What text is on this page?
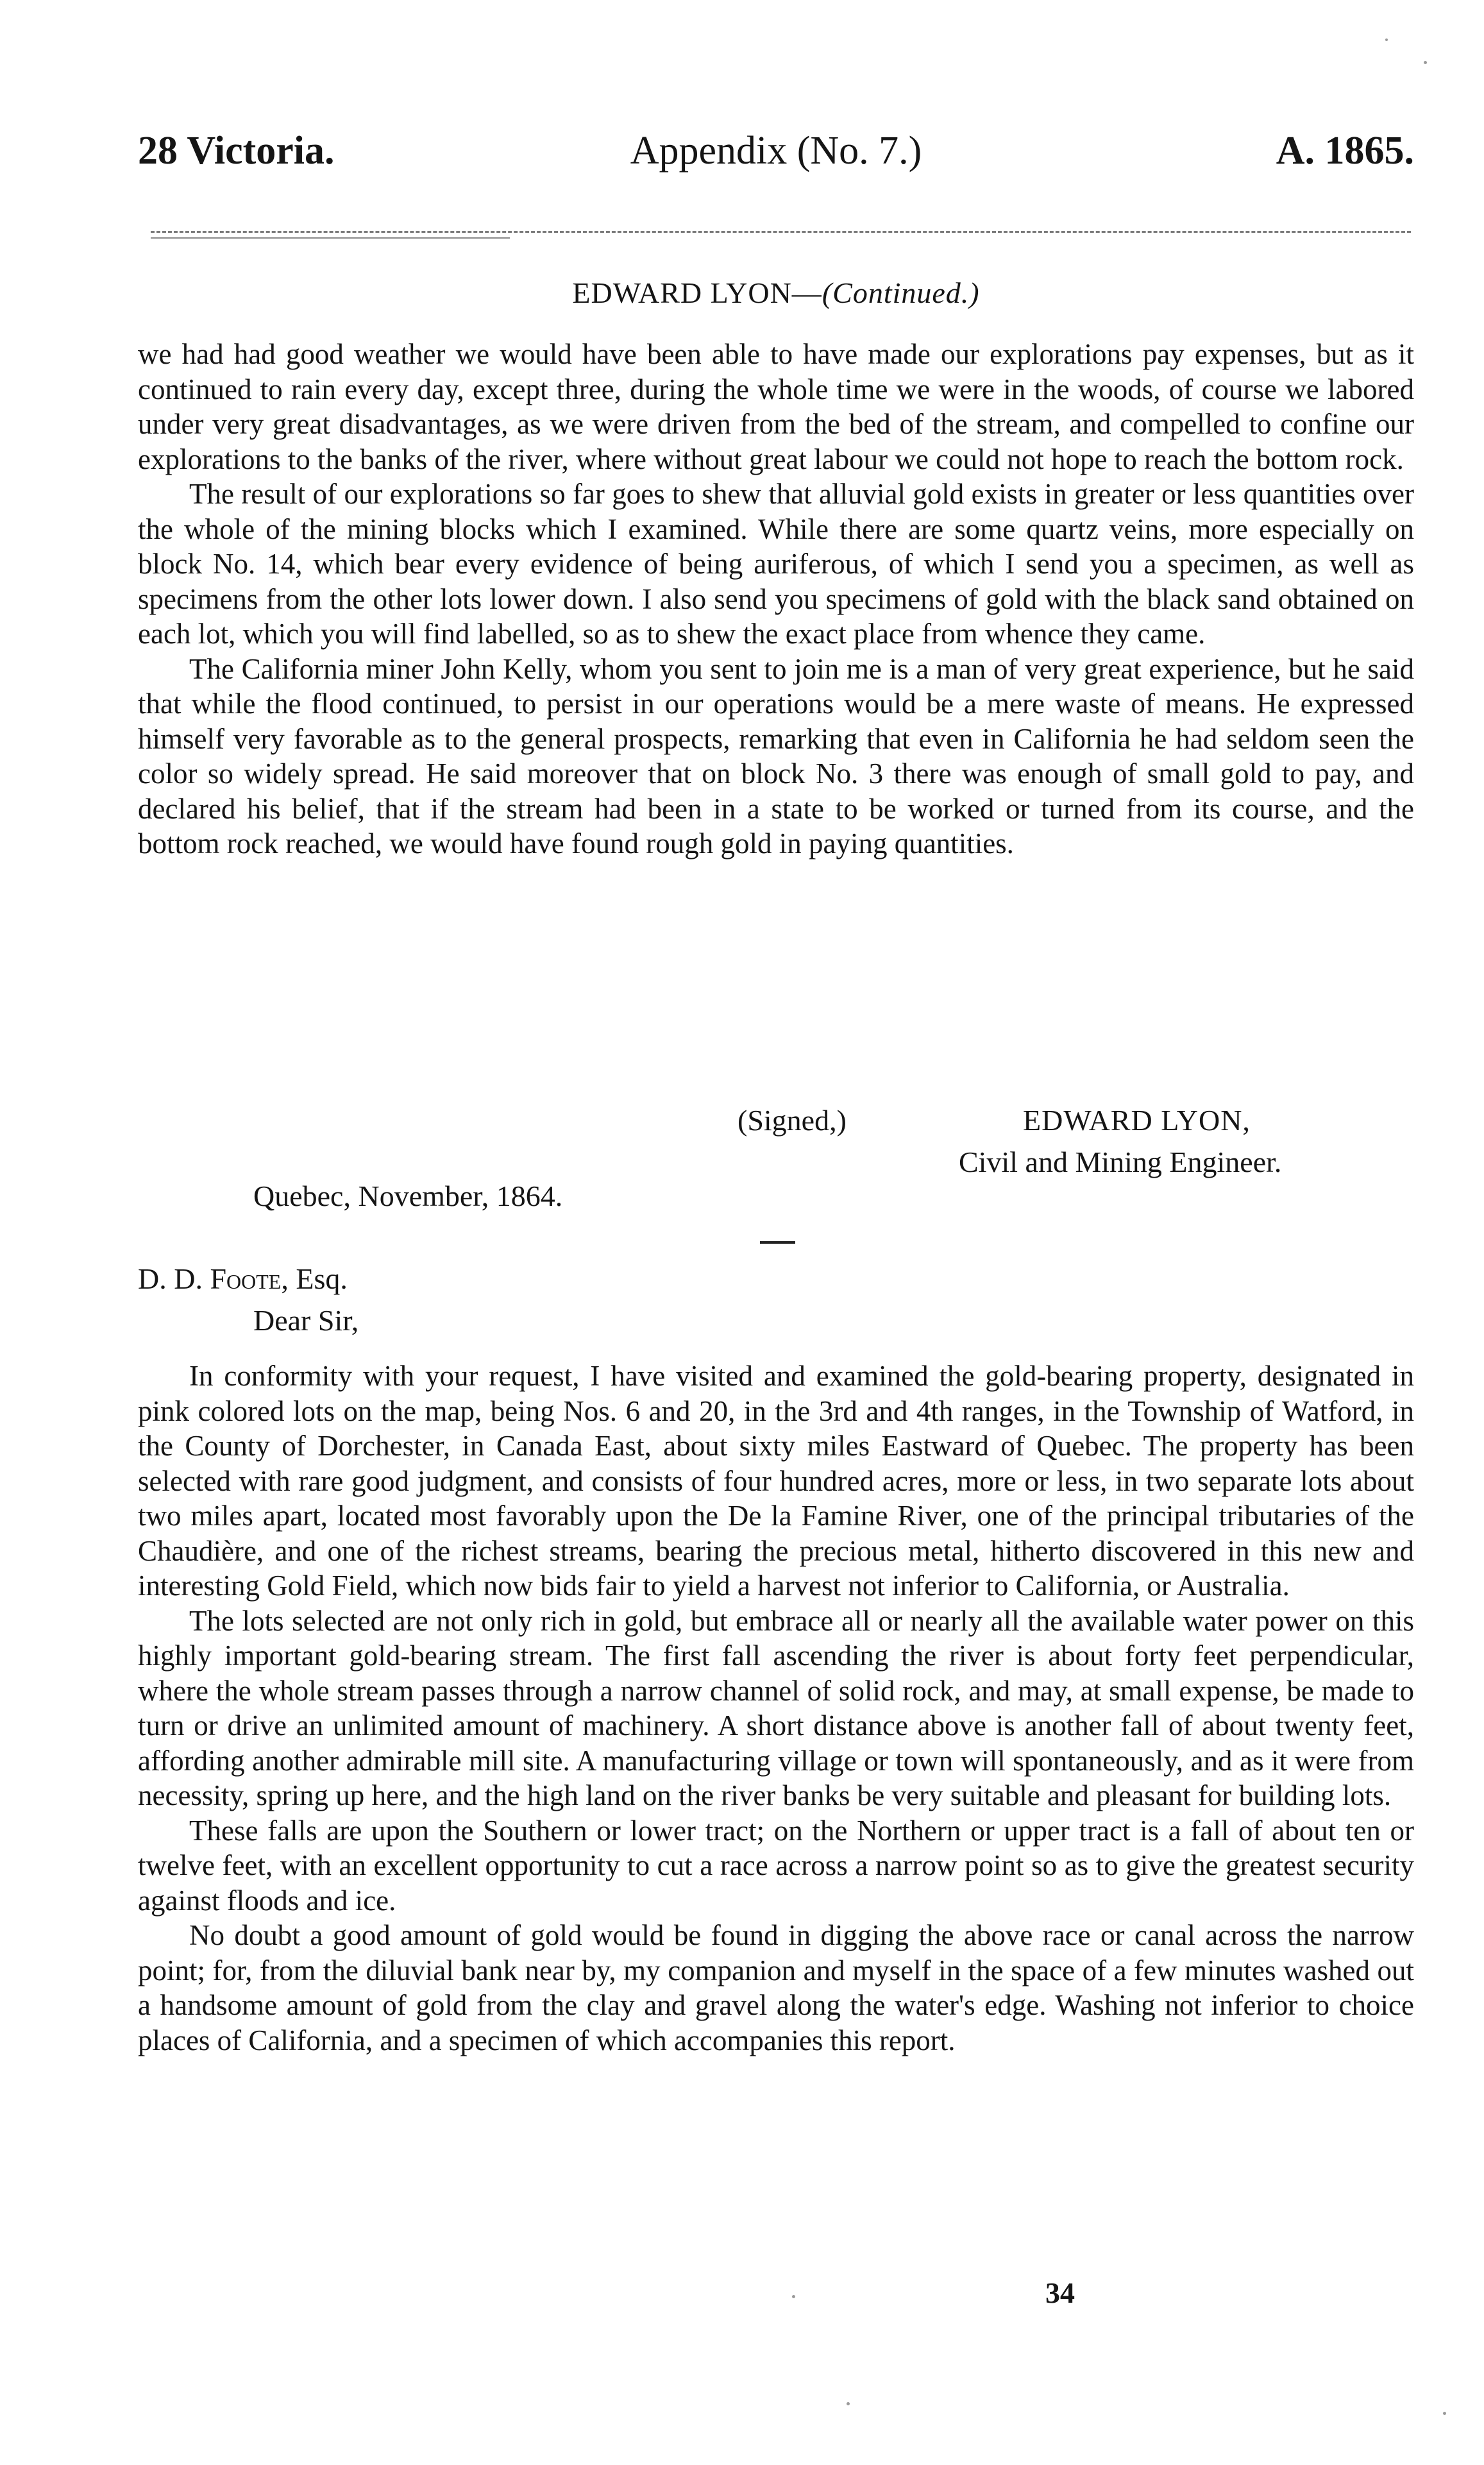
28 Victoria.	Appendix (No. 7.)	A. 1865.
EDWARD LYON—(Continued.)

we had had good weather we would have been able to have made our explorations pay expenses, but as it continued to rain every day, except three, during the whole time we were in the woods, of course we labored under very great disadvantages, as we were driven from the bed of the stream, and compelled to confine our explorations to the banks of the river, where without great labour we could not hope to reach the bottom rock.

The result of our explorations so far goes to shew that alluvial gold exists in greater or less quantities over the whole of the mining blocks which I examined. While there are some quartz veins, more especially on block No. 14, which bear every evidence of being auriferous, of which I send you a specimen, as well as specimens from the other lots lower down. I also send you specimens of gold with the black sand obtained on each lot, which you will find labelled, so as to shew the exact place from whence they came.

The California miner John Kelly, whom you sent to join me is a man of very great experience, but he said that while the flood continued, to persist in our operations would be a mere waste of means. He expressed himself very favorable as to the general prospects, remarking that even in California he had seldom seen the color so widely spread. He said moreover that on block No. 3 there was enough of small gold to pay, and declared his belief, that if the stream had been in a state to be worked or turned from its course, and the bottom rock reached, we would have found rough gold in paying quantities.

(Signed,)	EDWARD LYON,
Civil and Mining Engineer.
Quebec, November, 1864.
D. D. Foote, Esq.
Dear Sir,

In conformity with your request, I have visited and examined the gold-bearing property, designated in pink colored lots on the map, being Nos. 6 and 20, in the 3rd and 4th ranges, in the Township of Watford, in the County of Dorchester, in Canada East, about sixty miles Eastward of Quebec. The property has been selected with rare good judgment, and consists of four hundred acres, more or less, in two separate lots about two miles apart, located most favorably upon the De la Famine River, one of the principal tributaries of the Chaudière, and one of the richest streams, bearing the precious metal, hitherto discovered in this new and interesting Gold Field, which now bids fair to yield a harvest not inferior to California, or Australia.

The lots selected are not only rich in gold, but embrace all or nearly all the available water power on this highly important gold-bearing stream. The first fall ascending the river is about forty feet perpendicular, where the whole stream passes through a narrow channel of solid rock, and may, at small expense, be made to turn or drive an unlimited amount of machinery. A short distance above is another fall of about twenty feet, affording another admirable mill site. A manufacturing village or town will spontaneously, and as it were from necessity, spring up here, and the high land on the river banks be very suitable and pleasant for building lots.

These falls are upon the Southern or lower tract; on the Northern or upper tract is a fall of about ten or twelve feet, with an excellent opportunity to cut a race across a narrow point so as to give the greatest security against floods and ice.

No doubt a good amount of gold would be found in digging the above race or canal across the narrow point; for, from the diluvial bank near by, my companion and myself in the space of a few minutes washed out a handsome amount of gold from the clay and gravel along the water's edge. Washing not inferior to choice places of California, and a specimen of which accompanies this report.

34
